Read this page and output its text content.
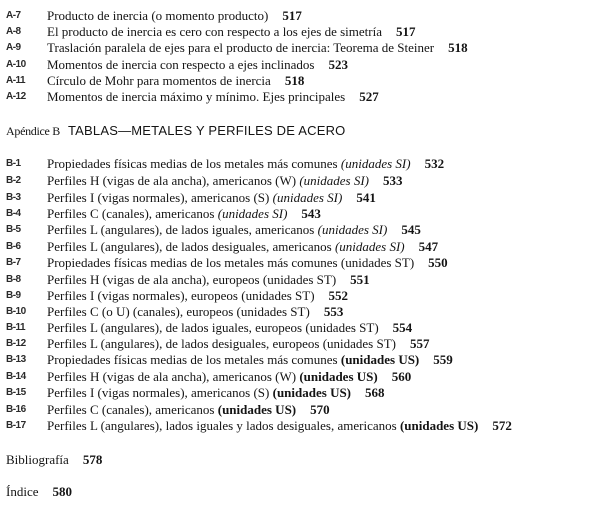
A-7	Producto de inercia (o momento producto) 517
A-8	El producto de inercia es cero con respecto a los ejes de simetría 517
A-9	Traslación paralela de ejes para el producto de inercia: Teorema de Steiner 518
A-10	Momentos de inercia con respecto a ejes inclinados 523
A-11	Círculo de Mohr para momentos de inercia 518
A-12	Momentos de inercia máximo y mínimo. Ejes principales 527
Apéndice B TABLAS—METALES Y PERFILES DE ACERO
B-1	Propiedades físicas medias de los metales más comunes (unidades SI) 532
B-2	Perfiles H (vigas de ala ancha), americanos (W) (unidades SI) 533
B-3	Perfiles I (vigas normales), americanos (S) (unidades SI) 541
B-4	Perfiles C (canales), americanos (unidades SI) 543
B-5	Perfiles L (angulares), de lados iguales, americanos (unidades SI) 545
B-6	Perfiles L (angulares), de lados desiguales, americanos (unidades SI) 547
B-7	Propiedades físicas medias de los metales más comunes (unidades ST) 550
B-8	Perfiles H (vigas de ala ancha), europeos (unidades ST) 551
B-9	Perfiles I (vigas normales), europeos (unidades ST) 552
B-10	Perfiles C (o U) (canales), europeos (unidades ST) 553
B-11	Perfiles L (angulares), de lados iguales, europeos (unidades ST) 554
B-12	Perfiles L (angulares), de lados desiguales, europeos (unidades ST) 557
B-13	Propiedades físicas medias de los metales más comunes (unidades US) 559
B-14	Perfiles H (vigas de ala ancha), americanos (W) (unidades US) 560
B-15	Perfiles I (vigas normales), americanos (S) (unidades US) 568
B-16	Perfiles C (canales), americanos (unidades US) 570
B-17	Perfiles L (angulares), lados iguales y lados desiguales, americanos (unidades US) 572
Bibliografía 578
Índice 580
